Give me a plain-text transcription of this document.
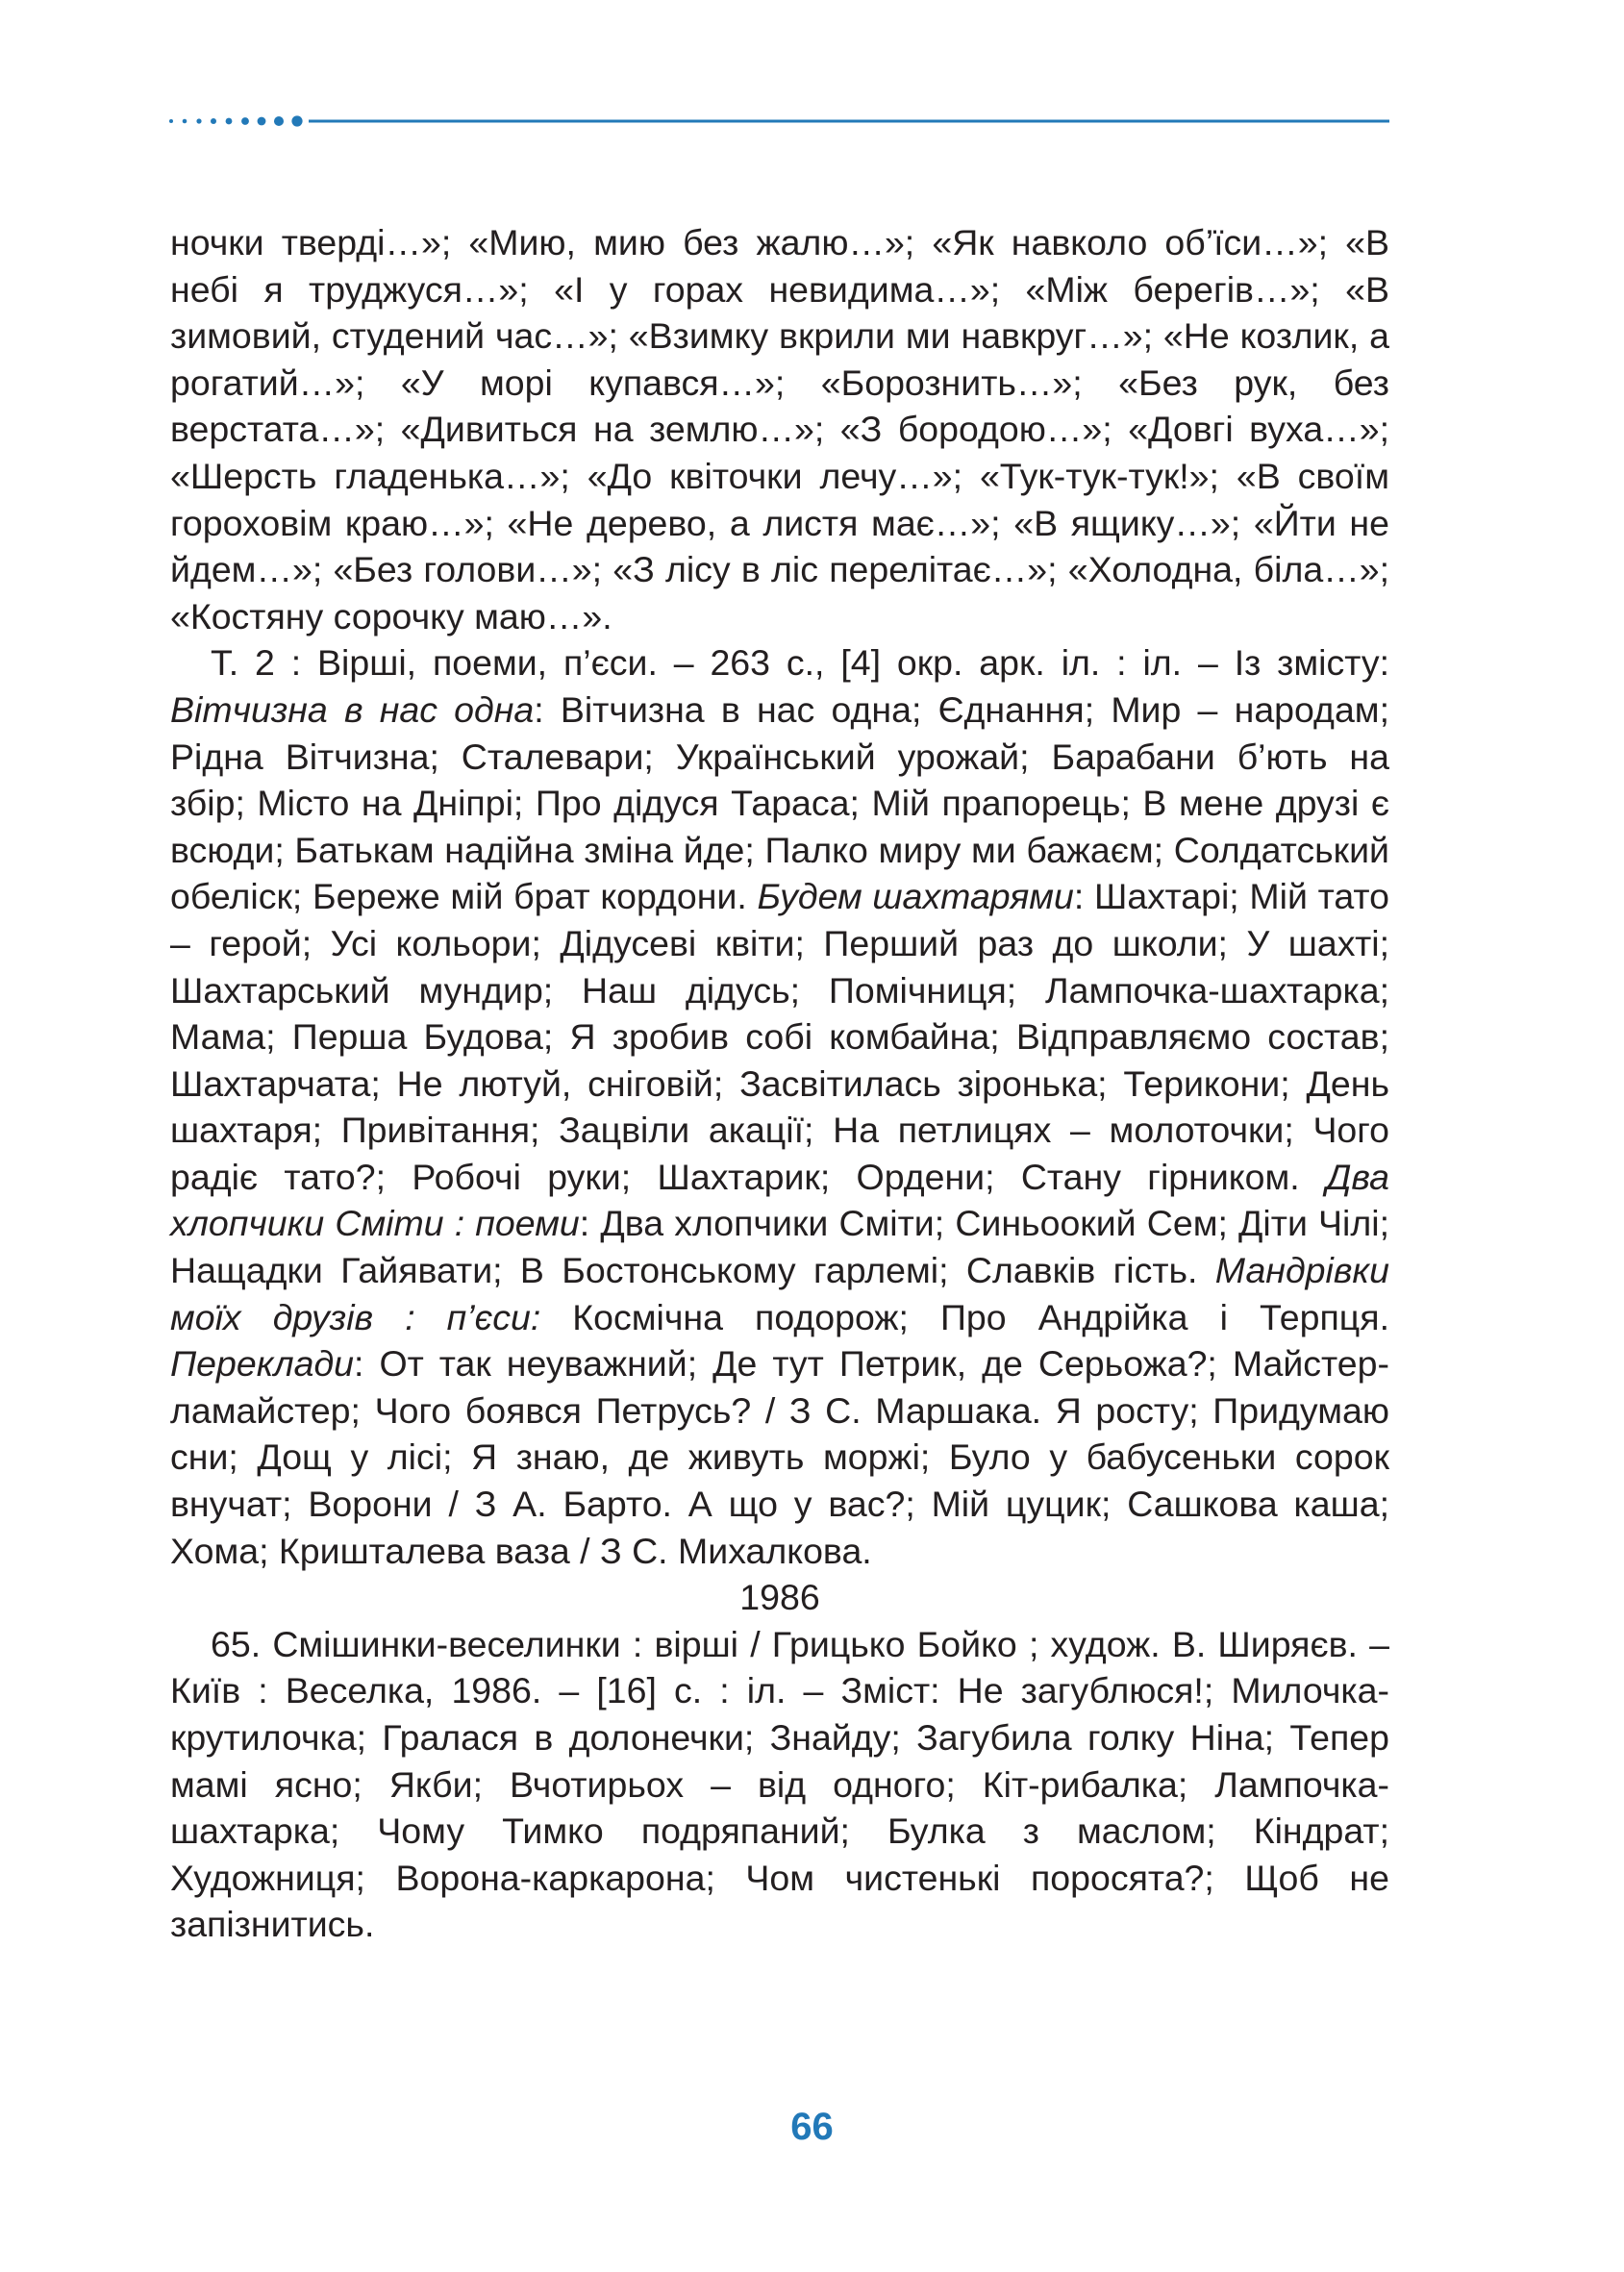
ночки тверді…»; «Мию, мию без жалю…»; «Як навколо об’їси…»; «В небі я труджуся…»; «І у горах невидима…»; «Між берегів…»; «В зимовий, студений час…»; «Взимку вкрили ми навкруг…»; «Не козлик, а рогатий…»; «У морі купався…»; «Борознить…»; «Без рук, без верстата…»; «Дивиться на землю…»; «З бородою…»; «Довгі вуха…»; «Шерсть гладенька…»; «До квіточки лечу…»; «Тук-тук-тук!»; «В своїм гороховім краю…»; «Не дерево, а листя має…»; «В ящику…»; «Йти не йдем…»; «Без голови…»; «З лісу в ліс перелітає…»; «Холодна, біла…»; «Костяну сорочку маю…».

Т. 2 : Вірші, поеми, п’єси. – 263 с., [4] окр. арк. іл. : іл. – Із змісту: Вітчизна в нас одна: Вітчизна в нас одна; Єднання; Мир – народам; Рідна Вітчизна; Сталевари; Український урожай; Барабани б’ють на збір; Місто на Дніпрі; Про дідуся Тараса; Мій прапорець; В мене друзі є всюди; Батькам надійна зміна йде; Палко миру ми бажаєм; Солдатський обеліск; Береже мій брат кордони. Будем шахтарями: Шахтарі; Мій тато – герой; Усі кольори; Дідусеві квіти; Перший раз до школи; У шахті; Шахтарський мундир; Наш дідусь; Помічниця; Лампочка-шахтарка; Мама; Перша Будова; Я зробив собі комбайна; Відправляємо состав; Шахтарчата; Не лютуй, сніговій; Засвітилась зіронька; Терикони; День шахтаря; Привітання; Зацвіли акації; На петлицях – молоточки; Чого радіє тато?; Робочі руки; Шахтарик; Ордени; Стану гірником. Два хлопчики Сміти : поеми: Два хлопчики Сміти; Синьоокий Сем; Діти Чілі; Нащадки Гайявати; В Бостонському гарлемі; Славків гість. Мандрівки моїх друзів : п’єси: Космічна подорож; Про Андрійка і Терпця. Переклади: От так неуважний; Де тут Петрик, де Серьожа?; Майстер-ламайстер; Чого боявся Петрусь? / З С. Маршака. Я росту; Придумаю сни; Дощ у лісі; Я знаю, де живуть моржі; Було у бабусеньки сорок внучат; Ворони / З А. Барто. А що у вас?; Мій цуцик; Сашкова каша; Хома; Кришталева ваза / З С. Михалкова.

1986

65. Смішинки-веселинки : вірші / Грицько Бойко ; худож. В. Ширяєв. – Київ : Веселка, 1986. – [16] с. : іл. – Зміст: Не загублюся!; Милочка-крутилочка; Гралася в долонечки; Знайду; Загубила голку Ніна; Тепер мамі ясно; Якби; Вчотирьох – від одного; Кіт-рибалка; Лампочка-шахтарка; Чому Тимко подряпаний; Булка з маслом; Кіндрат; Художниця; Ворона-каркарона; Чом чистенькі поросята?; Щоб не запізнитись.

66
